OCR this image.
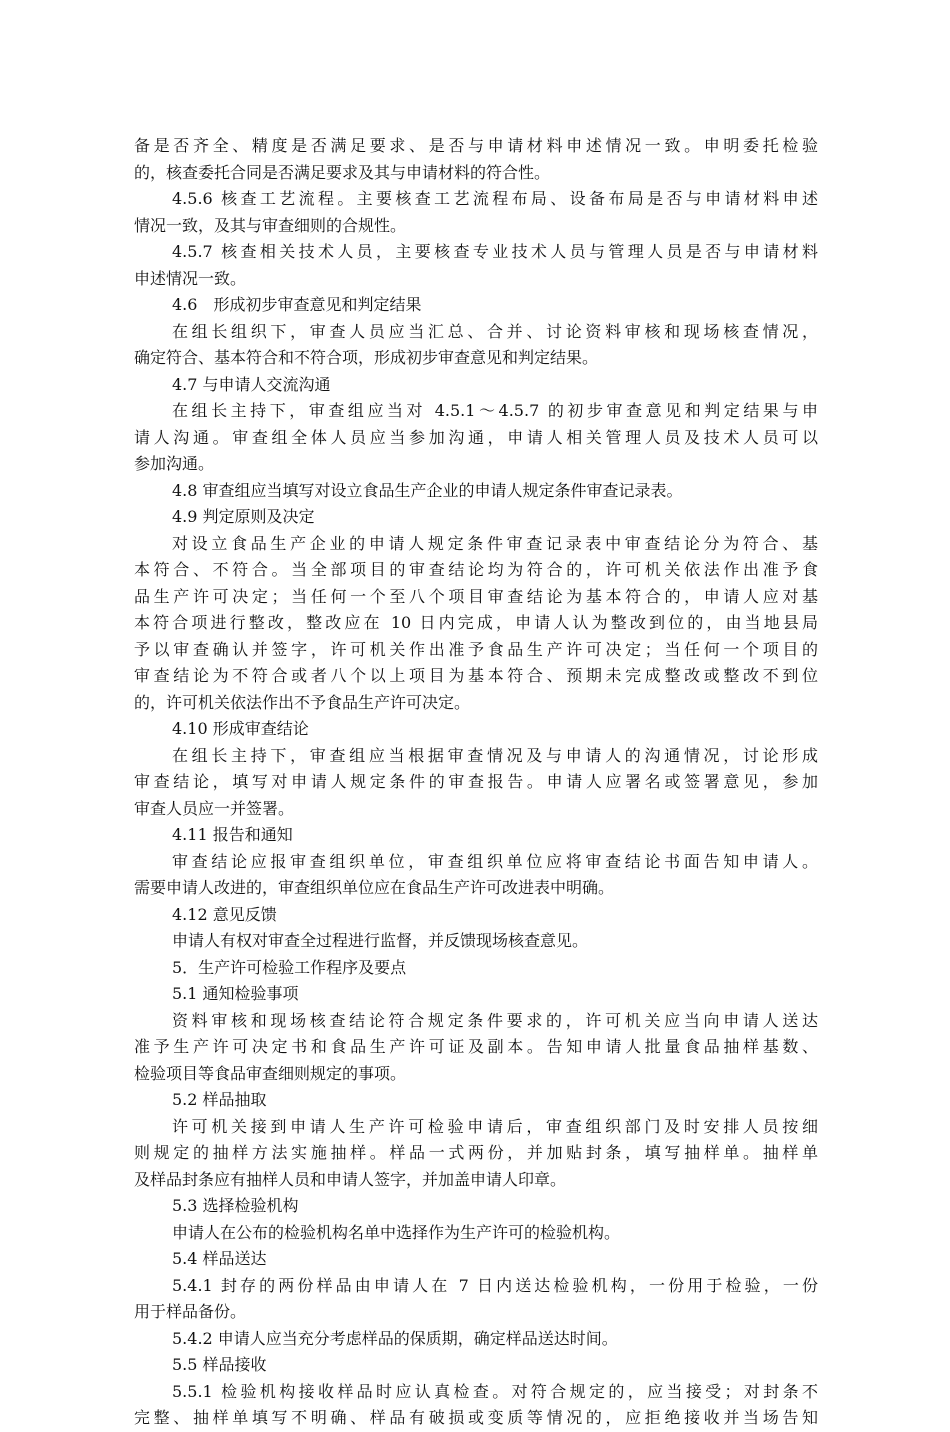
备是否齐全、精度是否满足要求、是否与申请材料申述情况一致。申明委托检验
的，核查委托合同是否满足要求及其与申请材料的符合性。
4.5.6 核查工艺流程。主要核查工艺流程布局、设备布局是否与申请材料申述
情况一致，及其与审查细则的合规性。
4.5.7 核查相关技术人员，主要核查专业技术人员与管理人员是否与申请材料
申述情况一致。
4.6　形成初步审查意见和判定结果
在组长组织下，审查人员应当汇总、合并、讨论资料审核和现场核查情况，
确定符合、基本符合和不符合项，形成初步审查意见和判定结果。
4.7 与申请人交流沟通
在组长主持下，审查组应当对 4.5.1～4.5.7 的初步审查意见和判定结果与申
请人沟通。审查组全体人员应当参加沟通，申请人相关管理人员及技术人员可以
参加沟通。
4.8 审查组应当填写对设立食品生产企业的申请人规定条件审查记录表。
4.9 判定原则及决定
对设立食品生产企业的申请人规定条件审查记录表中审查结论分为符合、基
本符合、不符合。当全部项目的审查结论均为符合的，许可机关依法作出准予食
品生产许可决定；当任何一个至八个项目审查结论为基本符合的，申请人应对基
本符合项进行整改，整改应在 10 日内完成，申请人认为整改到位的，由当地县局
予以审查确认并签字，许可机关作出准予食品生产许可决定；当任何一个项目的
审查结论为不符合或者八个以上项目为基本符合、预期未完成整改或整改不到位
的，许可机关依法作出不予食品生产许可决定。
4.10 形成审查结论
在组长主持下，审查组应当根据审查情况及与申请人的沟通情况，讨论形成
审查结论，填写对申请人规定条件的审查报告。申请人应署名或签署意见，参加
审查人员应一并签署。
4.11 报告和通知
审查结论应报审查组织单位，审查组织单位应将审查结论书面告知申请人。
需要申请人改进的，审查组织单位应在食品生产许可改进表中明确。
4.12 意见反馈
申请人有权对审查全过程进行监督，并反馈现场核查意见。
5．生产许可检验工作程序及要点
5.1 通知检验事项
资料审核和现场核查结论符合规定条件要求的，许可机关应当向申请人送达
准予生产许可决定书和食品生产许可证及副本。告知申请人批量食品抽样基数、
检验项目等食品审查细则规定的事项。
5.2 样品抽取
许可机关接到申请人生产许可检验申请后，审查组织部门及时安排人员按细
则规定的抽样方法实施抽样。样品一式两份，并加贴封条，填写抽样单。抽样单
及样品封条应有抽样人员和申请人签字，并加盖申请人印章。
5.3 选择检验机构
申请人在公布的检验机构名单中选择作为生产许可的检验机构。
5.4 样品送达
5.4.1 封存的两份样品由申请人在 7 日内送达检验机构，一份用于检验，一份
用于样品备份。
5.4.2 申请人应当充分考虑样品的保质期，确定样品送达时间。
5.5 样品接收
5.5.1 检验机构接收样品时应认真检查。对符合规定的，应当接受；对封条不
完整、抽样单填写不明确、样品有破损或变质等情况的，应拒绝接收并当场告知
